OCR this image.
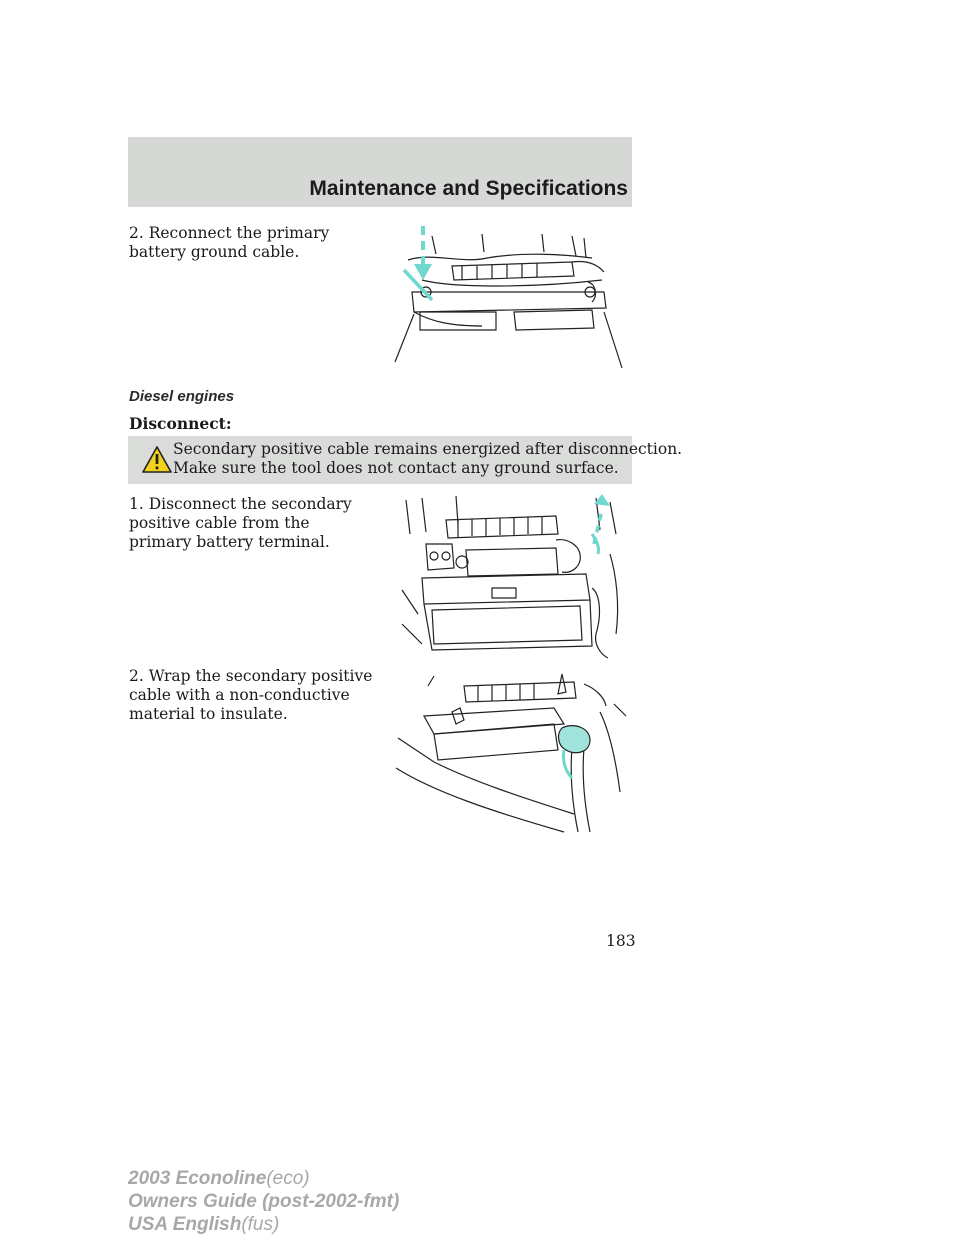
Maintenance and Specifications
2. Reconnect the primary battery ground cable.
Diesel engines
Disconnect:
Secondary positive cable remains energized after disconnection.
Make sure the tool does not contact any ground surface.
1. Disconnect the secondary positive cable from the primary battery terminal.
2. Wrap the secondary positive cable with a non-conductive material to insulate.
183
2003 Econoline(eco)
Owners Guide (post-2002-fmt)
USA English(fus)
